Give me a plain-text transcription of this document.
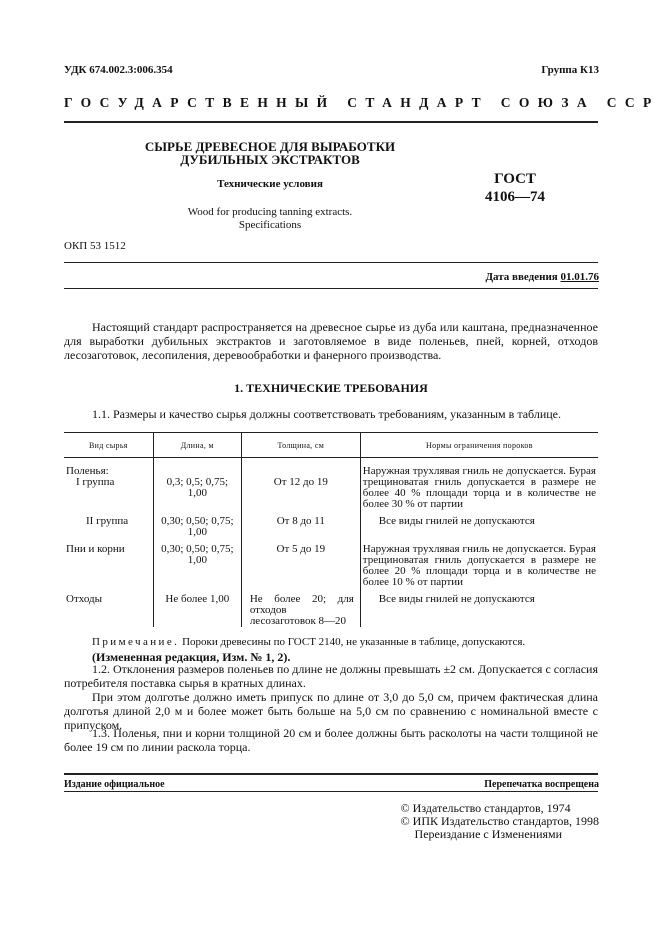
УДК 674.002.3:006.354	Группа К13
ГОСУДАРСТВЕННЫЙ СТАНДАРТ СОЮЗА ССР
СЫРЬЕ ДРЕВЕСНОЕ ДЛЯ ВЫРАБОТКИ
ДУБИЛЬНЫХ ЭКСТРАКТОВ
Технические условия
Wood for producing tanning extracts.
Specifications
ГОСТ
4106—74
ОКП 53 1512
Дата введения 01.01.76
Настоящий стандарт распространяется на древесное сырье из дуба или каштана, предназначенное для выработки дубильных экстрактов и заготовляемое в виде поленьев, пней, корней, отходов лесозаготовок, лесопиления, деревообработки и фанерного производства.
1. ТЕХНИЧЕСКИЕ ТРЕБОВАНИЯ
1.1. Размеры и качество сырья должны соответствовать требованиям, указанным в таблице.
Вид сырья	Длина, м	Толщина, см	Нормы ограничения пороков

Поленья:
I группа	0,3; 0,5; 0,75; 1,00	От 12 до 19	Наружная трухлявая гниль не допускается. Бурая трещиноватая гниль допускается в размере не более 40 % площади торца и в количестве не более 30 % от партии

II группа	0,30; 0,50; 0,75; 1,00	От 8 до 11	Все виды гнилей не допускаются
Пни и корни	0,30; 0,50; 0,75; 1,00	От 5 до 19	Наружная трухлявая гниль не допускается. Бурая трещиноватая гниль допускается в размере не более 20 % площади торца и в количестве не более 10 % от партии
Отходы	Не более 1,00	Не более 20; для отходов лесозаготовок 8—20	Все виды гнилей не допускаются
Примечание. Пороки древесины по ГОСТ 2140, не указанные в таблице, допускаются.
(Измененная редакция, Изм. № 1, 2).
1.2. Отклонения размеров поленьев по длине не должны превышать ±2 см. Допускается с согласия потребителя поставка сырья в кратных длинах.
При этом долготье должно иметь припуск по длине от 3,0 до 5,0 см, причем фактическая длина долготья длиной 2,0 м и более может быть больше на 5,0 см по сравнению с номинальной вместе с припуском.
1.3. Поленья, пни и корни толщиной 20 см и более должны быть расколоты на части толщиной не более 19 см по линии раскола торца.
Издание официальное	Перепечатка воспрещена
© Издательство стандартов, 1974
© ИПК Издательство стандартов, 1998
Переиздание с Изменениями
